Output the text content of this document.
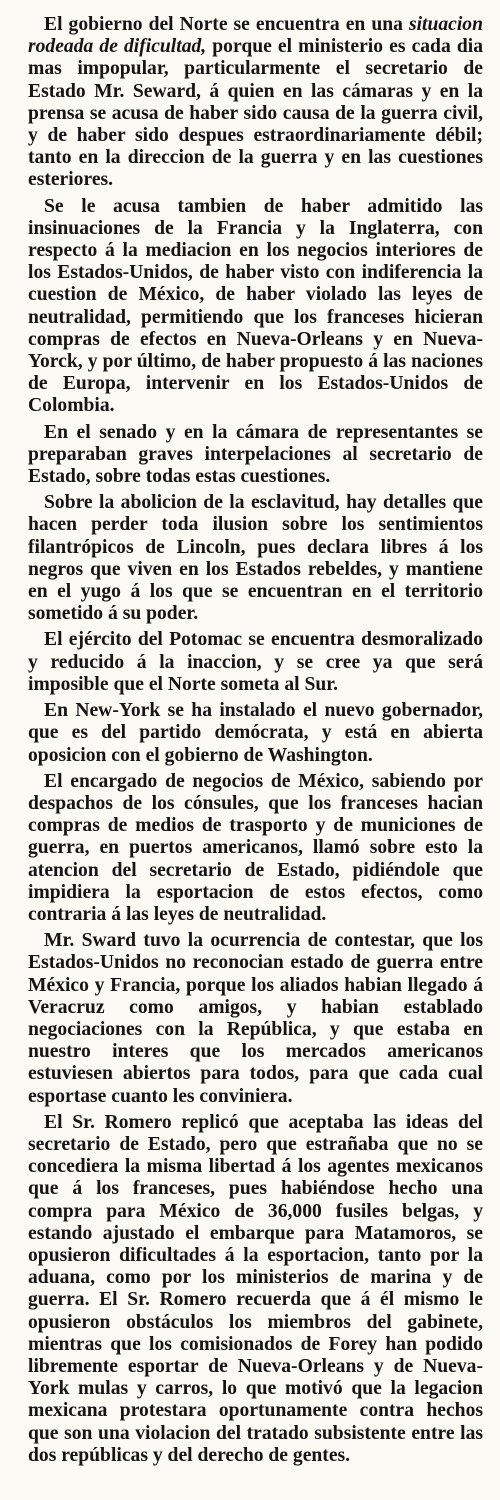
El gobierno del Norte se encuentra en una situacion rodeada de dificultad, porque el ministerio es cada dia mas impopular, particularmente el secretario de Estado Mr. Seward, á quien en las cámaras y en la prensa se acusa de haber sido causa de la guerra civil, y de haber sido despues estraordinariamente débil; tanto en la direccion de la guerra y en las cuestiones esteriores.

Se le acusa tambien de haber admitido las insinuaciones de la Francia y la Inglaterra, con respecto á la mediacion en los negocios interiores de los Estados-Unidos, de haber visto con indiferencia la cuestion de México, de haber violado las leyes de neutralidad, permitiendo que los franceses hicieran compras de efectos en Nueva-Orleans y en Nueva-Yorck, y por último, de haber propuesto á las naciones de Europa, intervenir en los Estados-Unidos de Colombia.

En el senado y en la cámara de representantes se preparaban graves interpelaciones al secretario de Estado, sobre todas estas cuestiones.

Sobre la abolicion de la esclavitud, hay detalles que hacen perder toda ilusion sobre los sentimientos filantrópicos de Lincoln, pues declara libres á los negros que viven en los Estados rebeldes, y mantiene en el yugo á los que se encuentran en el territorio sometido á su poder.

El ejército del Potomac se encuentra desmoralizado y reducido á la inaccion, y se cree ya que será imposible que el Norte someta al Sur.

En New-York se ha instalado el nuevo gobernador, que es del partido demócrata, y está en abierta oposicion con el gobierno de Washington.

El encargado de negocios de México, sabiendo por despachos de los cónsules, que los franceses hacian compras de medios de trasporto y de municiones de guerra, en puertos americanos, llamó sobre esto la atencion del secretario de Estado, pidiéndole que impidiera la esportacion de estos efectos, como contraria á las leyes de neutralidad.

Mr. Sward tuvo la ocurrencia de contestar, que los Estados-Unidos no reconocian estado de guerra entre México y Francia, porque los aliados habian llegado á Veracruz como amigos, y habian establado negociaciones con la República, y que estaba en nuestro interes que los mercados americanos estuviesen abiertos para todos, para que cada cual esportase cuanto les conviniera.

El Sr. Romero replicó que aceptaba las ideas del secretario de Estado, pero que estrañaba que no se concediera la misma libertad á los agentes mexicanos que á los franceses, pues habiéndose hecho una compra para México de 36,000 fusiles belgas, y estando ajustado el embarque para Matamoros, se opusieron dificultades á la esportacion, tanto por la aduana, como por los ministerios de marina y de guerra. El Sr. Romero recuerda que á él mismo le opusieron obstáculos los miembros del gabinete, mientras que los comisionados de Forey han podido libremente esportar de Nueva-Orleans y de Nueva-York mulas y carros, lo que motivó que la legacion mexicana protestara oportunamente contra hechos que son una violacion del tratado subsistente entre las dos repúblicas y del derecho de gentes.
